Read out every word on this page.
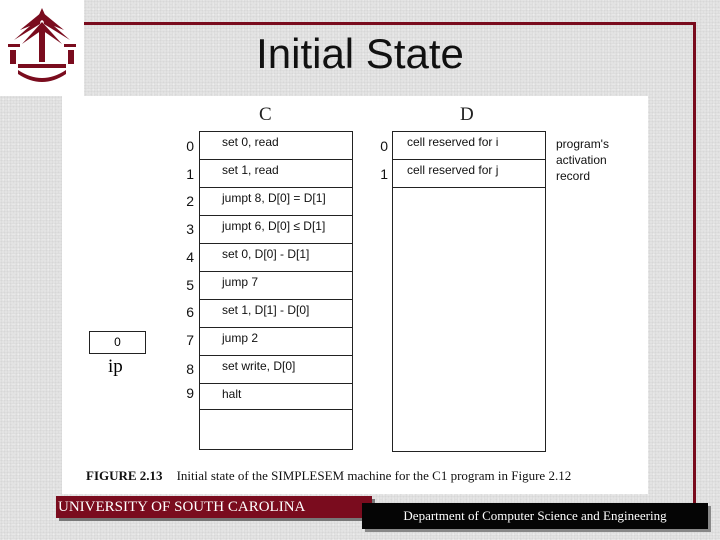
Initial State
C	D
0
1
2
3
4
5
6
7
8
9
set 0, read
set 1, read
jumpt 8, D[0] = D[1]
jumpt 6, D[0] ≤ D[1]
set 0, D[0] - D[1]
jump 7
set 1, D[1] - D[0]
jump 2
set write, D[0]
halt
0
1
cell reserved for i
cell reserved for j
program's
activation
record
0
ip
FIGURE 2.13 Initial state of the SIMPLESEM machine for the C1 program in Figure 2.12
UNIVERSITY OF SOUTH CAROLINA
Department of Computer Science and Engineering
